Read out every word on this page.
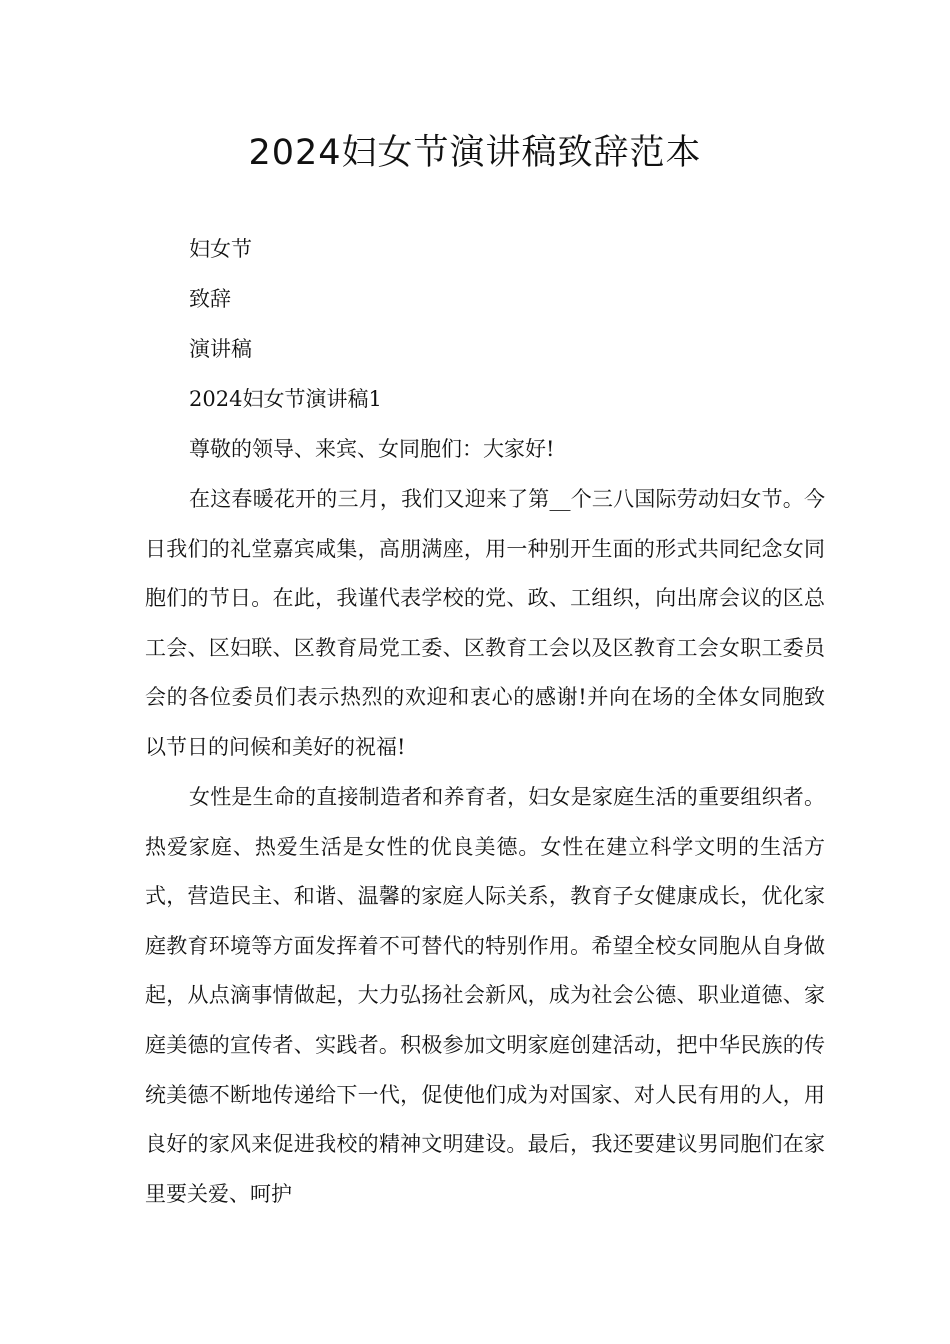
2024妇女节演讲稿致辞范本

妇女节

致辞

演讲稿

2024妇女节演讲稿1

尊敬的领导、来宾、女同胞们：大家好!

在这春暖花开的三月，我们又迎来了第__个三八国际劳动妇女节。今日我们的礼堂嘉宾咸集，高朋满座，用一种别开生面的形式共同纪念女同胞们的节日。在此，我谨代表学校的党、政、工组织，向出席会议的区总工会、区妇联、区教育局党工委、区教育工会以及区教育工会女职工委员会的各位委员们表示热烈的欢迎和衷心的感谢!并向在场的全体女同胞致以节日的问候和美好的祝福!

女性是生命的直接制造者和养育者，妇女是家庭生活的重要组织者。热爱家庭、热爱生活是女性的优良美德。女性在建立科学文明的生活方式，营造民主、和谐、温馨的家庭人际关系，教育子女健康成长，优化家庭教育环境等方面发挥着不可替代的特别作用。希望全校女同胞从自身做起，从点滴事情做起，大力弘扬社会新风，成为社会公德、职业道德、家庭美德的宣传者、实践者。积极参加文明家庭创建活动，把中华民族的传统美德不断地传递给下一代，促使他们成为对国家、对人民有用的人，用良好的家风来促进我校的精神文明建设。最后，我还要建议男同胞们在家里要关爱、呵护
